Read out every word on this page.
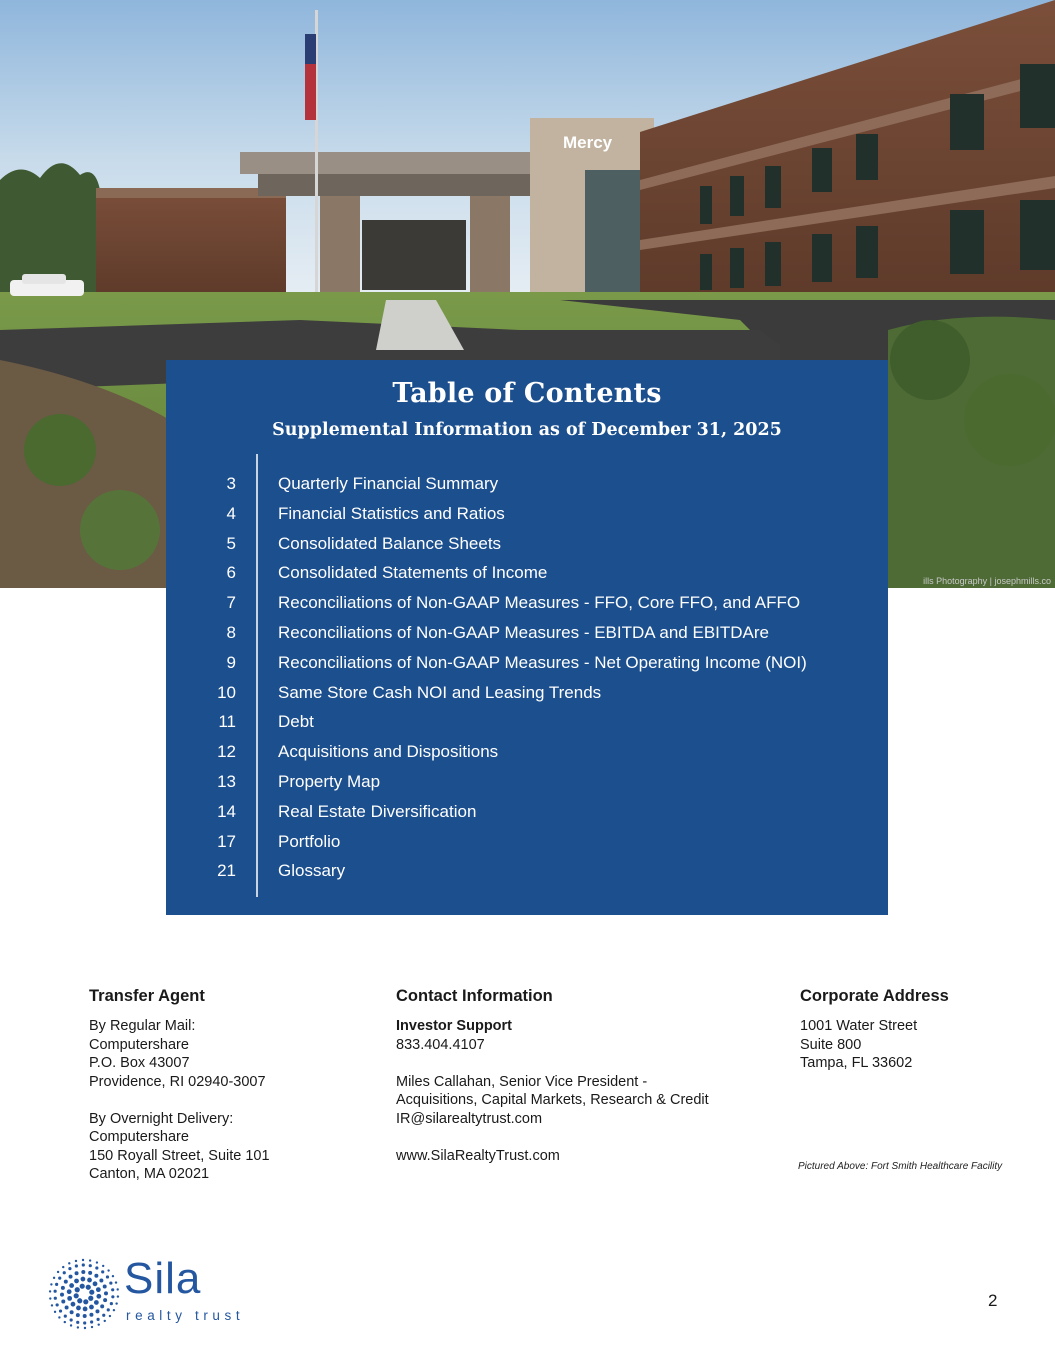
Mercy
ills Photography | josephmills.co
Table of Contents
Supplemental Information as of December 31, 2025
3 Quarterly Financial Summary
4 Financial Statistics and Ratios
5 Consolidated Balance Sheets
6 Consolidated Statements of Income
7 Reconciliations of Non-GAAP Measures - FFO, Core FFO, and AFFO
8 Reconciliations of Non-GAAP Measures - EBITDA and EBITDAre
9 Reconciliations of Non-GAAP Measures - Net Operating Income (NOI)
10 Same Store Cash NOI and Leasing Trends
11 Debt
12 Acquisitions and Dispositions
13 Property Map
14 Real Estate Diversification
17 Portfolio
21 Glossary
Transfer Agent
By Regular Mail:
Computershare
P.O. Box 43007
Providence, RI 02940-3007
By Overnight Delivery:
Computershare
150 Royall Street, Suite 101
Canton, MA 02021
Contact Information
Investor Support
833.404.4107
Miles Callahan, Senior Vice President - Acquisitions, Capital Markets, Research & Credit
IR@silarealtytrust.com
www.SilaRealtyTrust.com
Corporate Address
1001 Water Street
Suite 800
Tampa, FL 33602
Pictured Above: Fort Smith Healthcare Facility
Sila
realty trust
2
